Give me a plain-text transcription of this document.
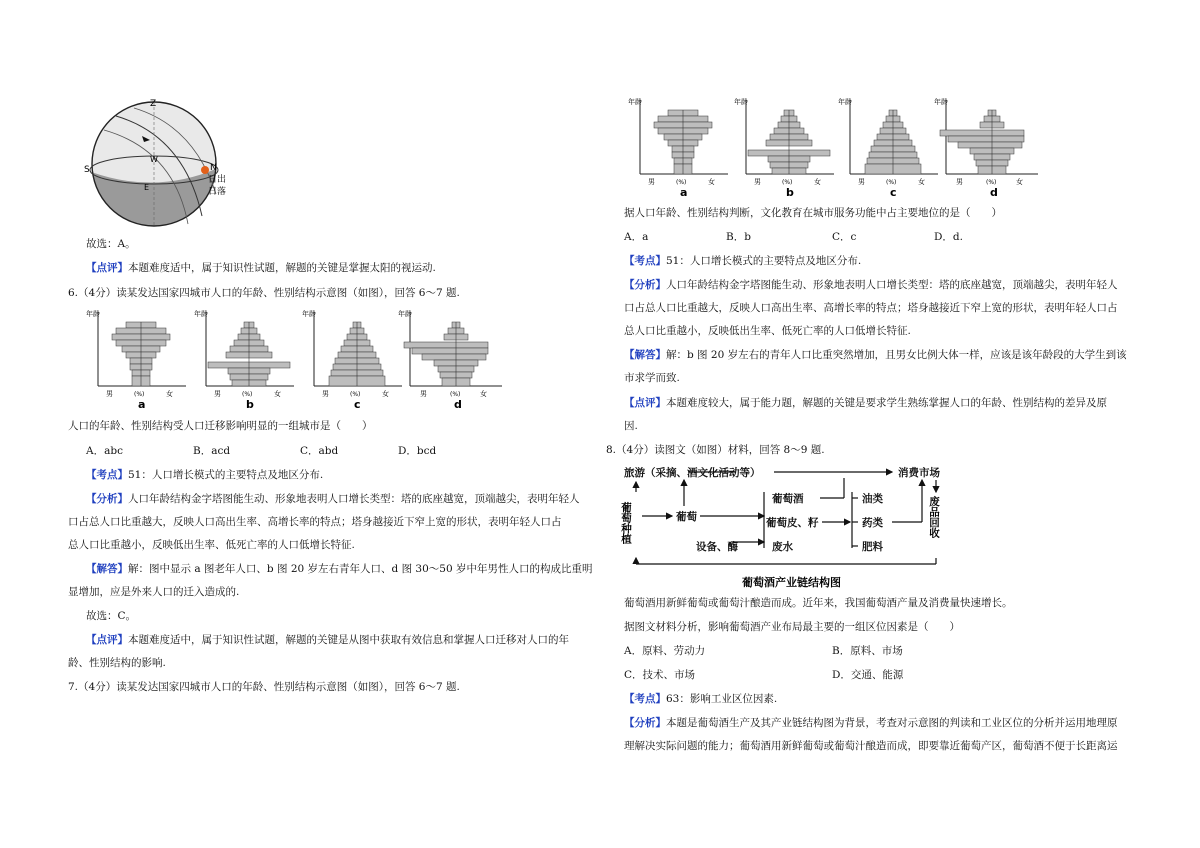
Z
S	N
W
E
日出
日落
故选：A。
【点评】本题难度适中，属于知识性试题，解题的关键是掌握太阳的视运动.
6.（4分）读某发达国家四城市人口的年龄、性别结构示意图（如图），回答 6～7 题.
年龄
男	(%)	女
a
年龄
男	(%)	女
b
年龄
男	(%)	女
c
年龄
男	(%)	女
d
人口的年龄、性别结构受人口迁移影响明显的一组城市是（　　）
A．abc	B．acd	C．abd	D．bcd
【考点】51：人口增长模式的主要特点及地区分布.
【分析】人口年龄结构金字塔图能生动、形象地表明人口增长类型：塔的底座越宽，顶端越尖，表明年轻人
口占总人口比重越大，反映人口高出生率、高增长率的特点；塔身越接近下窄上宽的形状，表明年轻人口占
总人口比重越小，反映低出生率、低死亡率的人口低增长特征.
【解答】解：图中显示 a 图老年人口、b 图 20 岁左右青年人口、d 图 30～50 岁中年男性人口的构成比重明
显增加，应是外来人口的迁入造成的.
故选：C。
【点评】本题难度适中，属于知识性试题，解题的关键是从图中获取有效信息和掌握人口迁移对人口的年
龄、性别结构的影响.
7.（4分）读某发达国家四城市人口的年龄、性别结构示意图（如图），回答 6～7 题.
年龄
男	(%)	女
a
年龄
男	(%)	女
b
年龄
男	(%)	女
c
年龄
男	(%)	女
d
据人口年龄、性别结构判断，文化教育在城市服务功能中占主要地位的是（　　）
A．a	B．b	C．c	D．d.
【考点】51：人口增长模式的主要特点及地区分布.
【分析】人口年龄结构金字塔图能生动、形象地表明人口增长类型：塔的底座越宽，顶端越尖，表明年轻人
口占总人口比重越大，反映人口高出生率、高增长率的特点；塔身越接近下窄上宽的形状，表明年轻人口占
总人口比重越小，反映低出生率、低死亡率的人口低增长特征.
【解答】解：b 图 20 岁左右的青年人口比重突然增加，且男女比例大体一样，应该是该年龄段的大学生到该
市求学而致.
【点评】本题难度较大，属于能力题，解题的关键是要求学生熟练掌握人口的年龄、性别结构的差异及原
因.
8.（4分）读图文（如图）材料，回答 8～9 题.
旅游（采摘、酒文化活动等）	消费市场
葡萄
葡萄酒
葡萄皮、籽
废水
设备、酶
油类
药类
肥料
葡萄种植	废品回收
葡萄酒产业链结构图
葡萄酒用新鲜葡萄或葡萄汁酿造而成。近年来，我国葡萄酒产量及消费量快速增长。
据图文材料分析，影响葡萄酒产业布局最主要的一组区位因素是（　　）
A．原料、劳动力	B．原料、市场
C．技术、市场	D．交通、能源
【考点】63：影响工业区位因素.
【分析】本题是葡萄酒生产及其产业链结构图为背景，考查对示意图的判读和工业区位的分析并运用地理原
理解决实际问题的能力；葡萄酒用新鲜葡萄或葡萄汁酿造而成，即要靠近葡萄产区，葡萄酒不便于长距离运
